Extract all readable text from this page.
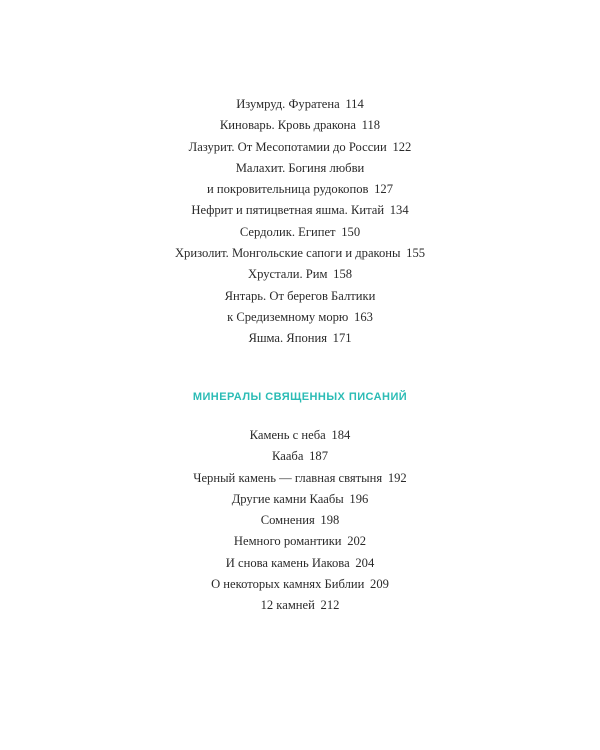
Изумруд. Фуратена 114
Киноварь. Кровь дракона 118
Лазурит. От Месопотамии до России 122
Малахит. Богиня любви
и покровительница рудокопов 127
Нефрит и пятицветная яшма. Китай 134
Сердолик. Египет 150
Хризолит. Монгольские сапоги и драконы 155
Хрустали. Рим 158
Янтарь. От берегов Балтики
к Средиземному морю 163
Яшма. Япония 171
МИНЕРАЛЫ СВЯЩЕННЫХ ПИСАНИЙ
Камень с неба 184
Кааба 187
Черный камень — главная святыня 192
Другие камни Каабы 196
Сомнения 198
Немного романтики 202
И снова камень Иакова 204
О некоторых камнях Библии 209
12 камней 212
